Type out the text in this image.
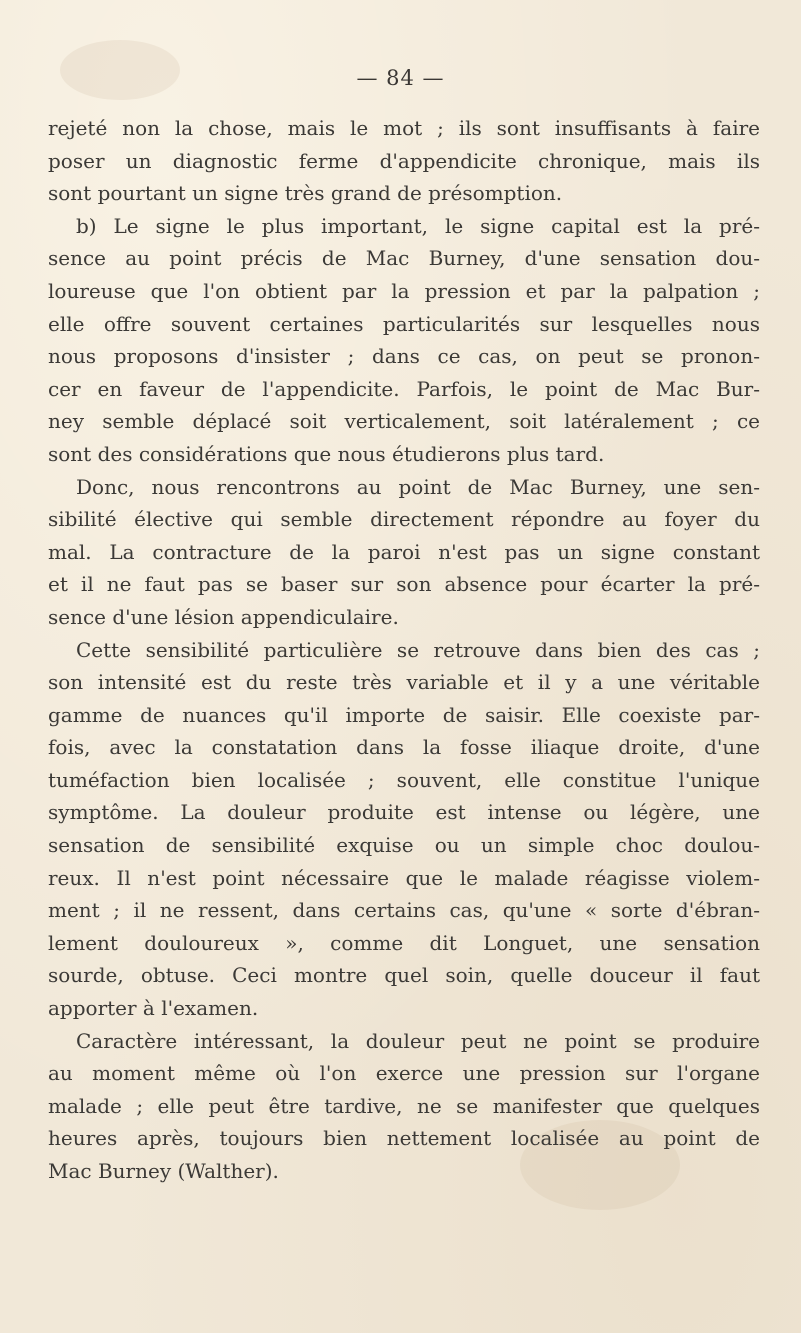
— 84 —
rejeté non la chose, mais le mot ; ils sont insuffisants à faire
poser un diagnostic ferme d'appendicite chronique, mais ils
sont pourtant un signe très grand de présomption.
b) Le signe le plus important, le signe capital est la pré-
sence au point précis de Mac Burney, d'une sensation dou-
loureuse que l'on obtient par la pression et par la palpation ;
elle offre souvent certaines particularités sur lesquelles nous
nous proposons d'insister ; dans ce cas, on peut se pronon-
cer en faveur de l'appendicite. Parfois, le point de Mac Bur-
ney semble déplacé soit verticalement, soit latéralement ; ce
sont des considérations que nous étudierons plus tard.
Donc, nous rencontrons au point de Mac Burney, une sen-
sibilité élective qui semble directement répondre au foyer du
mal. La contracture de la paroi n'est pas un signe constant
et il ne faut pas se baser sur son absence pour écarter la pré-
sence d'une lésion appendiculaire.
Cette sensibilité particulière se retrouve dans bien des cas ;
son intensité est du reste très variable et il y a une véritable
gamme de nuances qu'il importe de saisir. Elle coexiste par-
fois, avec la constatation dans la fosse iliaque droite, d'une
tuméfaction bien localisée ; souvent, elle constitue l'unique
symptôme. La douleur produite est intense ou légère, une
sensation de sensibilité exquise ou un simple choc doulou-
reux. Il n'est point nécessaire que le malade réagisse violem-
ment ; il ne ressent, dans certains cas, qu'une « sorte d'ébran-
lement douloureux », comme dit Longuet, une sensation
sourde, obtuse. Ceci montre quel soin, quelle douceur il faut
apporter à l'examen.
Caractère intéressant, la douleur peut ne point se produire
au moment même où l'on exerce une pression sur l'organe
malade ; elle peut être tardive, ne se manifester que quelques
heures après, toujours bien nettement localisée au point de
Mac Burney (Walther).
